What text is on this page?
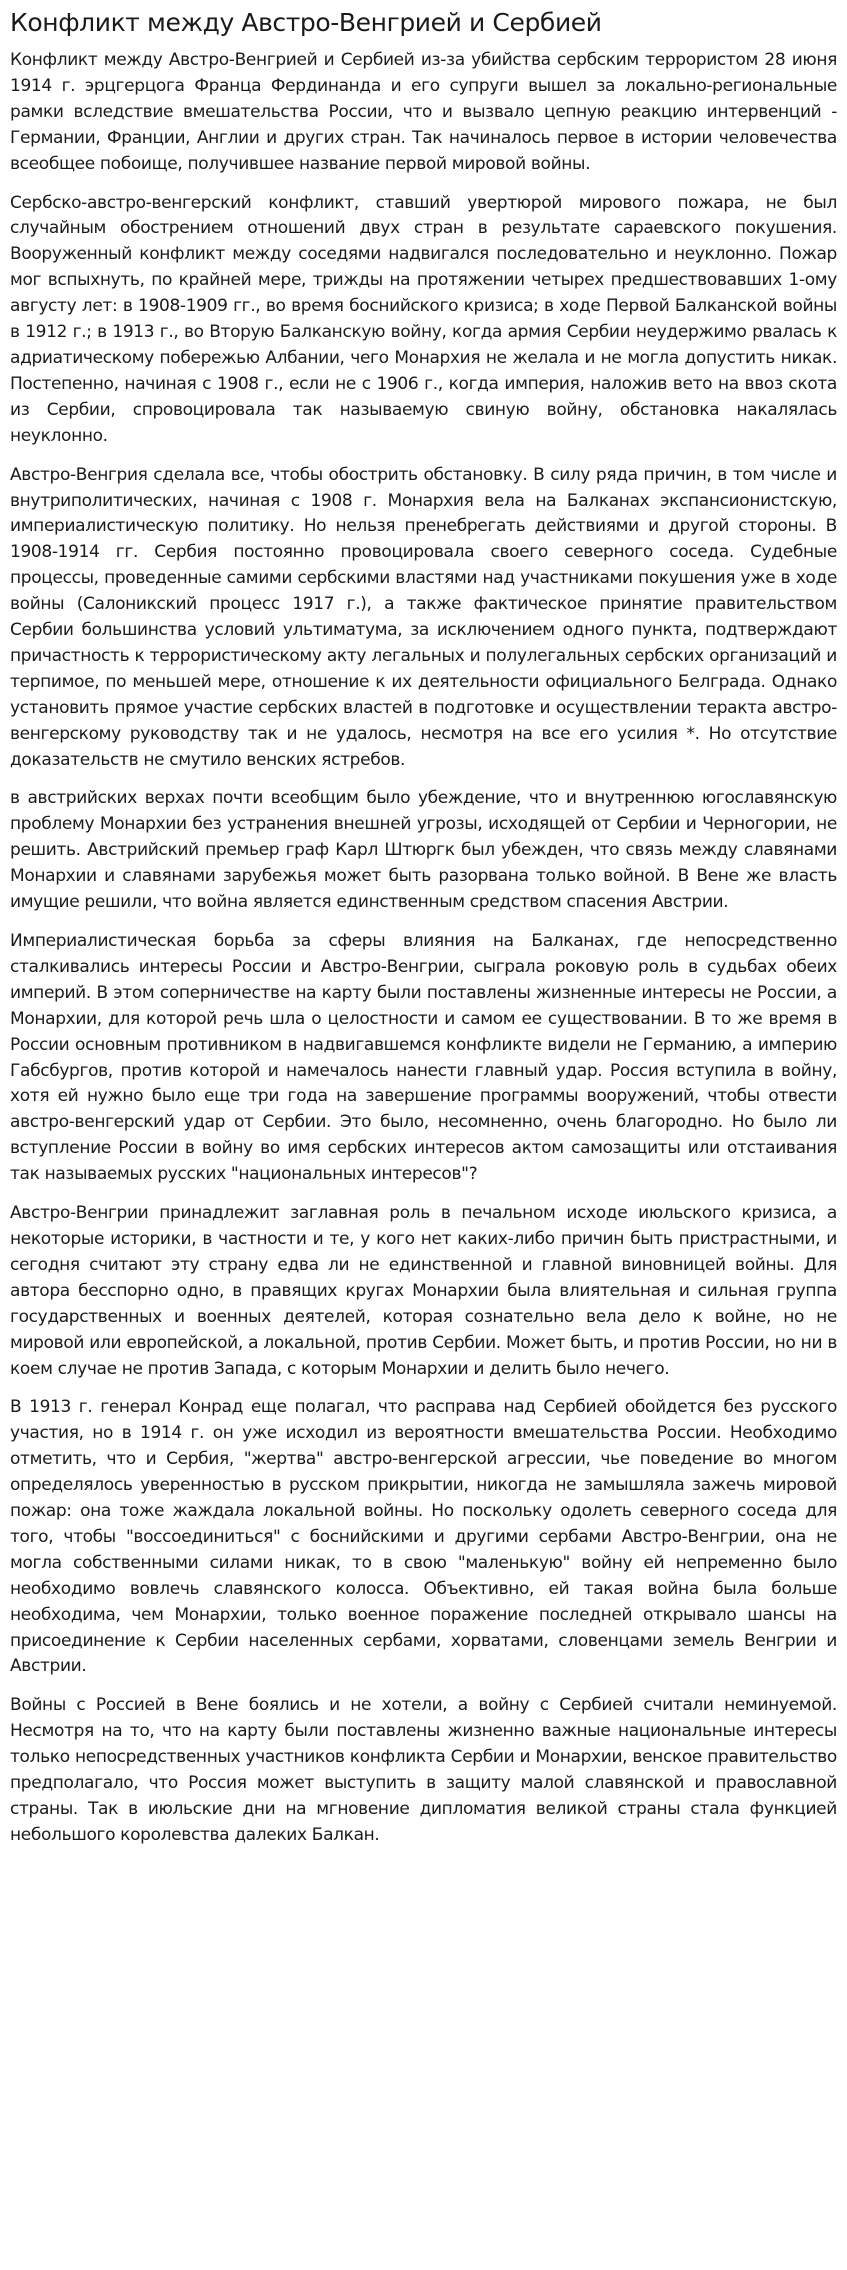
Конфликт между Австро-Венгрией и Сербией

Конфликт между Австро-Венгрией и Сербией из-за убийства сербским террористом 28 июня 1914 г. эрцгерцога Франца Фердинанда и его супруги вышел за локально-региональные рамки вследствие вмешательства России, что и вызвало цепную реакцию интервенций - Германии, Франции, Англии и других стран. Так начиналось первое в истории человечества всеобщее побоище, получившее название первой мировой войны.

Сербско-австро-венгерский конфликт, ставший увертюрой мирового пожара, не был случайным обострением отношений двух стран в результате сараевского покушения. Вооруженный конфликт между соседями надвигался последовательно и неуклонно. Пожар мог вспыхнуть, по крайней мере, трижды на протяжении четырех предшествовавших 1-ому августу лет: в 1908-1909 гг., во время боснийского кризиса; в ходе Первой Балканской войны в 1912 г.; в 1913 г., во Вторую Балканскую войну, когда армия Сербии неудержимо рвалась к адриатическому побережью Албании, чего Монархия не желала и не могла допустить никак. Постепенно, начиная с 1908 г., если не с 1906 г., когда империя, наложив вето на ввоз скота из Сербии, спровоцировала так называемую свиную войну, обстановка накалялась неуклонно.

Австро-Венгрия сделала все, чтобы обострить обстановку. В силу ряда причин, в том числе и внутриполитических, начиная с 1908 г. Монархия вела на Балканах экспансионистскую, империалистическую политику. Но нельзя пренебрегать действиями и другой стороны. В 1908-1914 гг. Сербия постоянно провоцировала своего северного соседа. Судебные процессы, проведенные самими сербскими властями над участниками покушения уже в ходе войны (Салоникский процесс 1917 г.), а также фактическое принятие правительством Сербии большинства условий ультиматума, за исключением одного пункта, подтверждают причастность к террористическому акту легальных и полулегальных сербских организаций и терпимое, по меньшей мере, отношение к их деятельности официального Белграда. Однако установить прямое участие сербских властей в подготовке и осуществлении теракта австро-венгерскому руководству так и не удалось, несмотря на все его усилия *. Но отсутствие доказательств не смутило венских ястребов.

в австрийских верхах почти всеобщим было убеждение, что и внутреннюю югославянскую проблему Монархии без устранения внешней угрозы, исходящей от Сербии и Черногории, не решить. Австрийский премьер граф Карл Штюргк был убежден, что связь между славянами Монархии и славянами зарубежья может быть разорвана только войной. В Вене же власть имущие решили, что война является единственным средством спасения Австрии.

Империалистическая борьба за сферы влияния на Балканах, где непосредственно сталкивались интересы России и Австро-Венгрии, сыграла роковую роль в судьбах обеих империй. В этом соперничестве на карту были поставлены жизненные интересы не России, а Монархии, для которой речь шла о целостности и самом ее существовании. В то же время в России основным противником в надвигавшемся конфликте видели не Германию, а империю Габсбургов, против которой и намечалось нанести главный удар. Россия вступила в войну, хотя ей нужно было еще три года на завершение программы вооружений, чтобы отвести австро-венгерский удар от Сербии. Это было, несомненно, очень благородно. Но было ли вступление России в войну во имя сербских интересов актом самозащиты или отстаивания так называемых русских "национальных интересов"?

Австро-Венгрии принадлежит заглавная роль в печальном исходе июльского кризиса, а некоторые историки, в частности и те, у кого нет каких-либо причин быть пристрастными, и сегодня считают эту страну едва ли не единственной и главной виновницей войны. Для автора бесспорно одно, в правящих кругах Монархии была влиятельная и сильная группа государственных и военных деятелей, которая сознательно вела дело к войне, но не мировой или европейской, а локальной, против Сербии. Может быть, и против России, но ни в коем случае не против Запада, с которым Монархии и делить было нечего.

В 1913 г. генерал Конрад еще полагал, что расправа над Сербией обойдется без русского участия, но в 1914 г. он уже исходил из вероятности вмешательства России. Необходимо отметить, что и Сербия, "жертва" австро-венгерской агрессии, чье поведение во многом определялось уверенностью в русском прикрытии, никогда не замышляла зажечь мировой пожар: она тоже жаждала локальной войны. Но поскольку одолеть северного соседа для того, чтобы "воссоединиться" с боснийскими и другими сербами Австро-Венгрии, она не могла собственными силами никак, то в свою "маленькую" войну ей непременно было необходимо вовлечь славянского колосса. Объективно, ей такая война была больше необходима, чем Монархии, только военное поражение последней открывало шансы на присоединение к Сербии населенных сербами, хорватами, словенцами земель Венгрии и Австрии.

Войны с Россией в Вене боялись и не хотели, а войну с Сербией считали неминуемой. Несмотря на то, что на карту были поставлены жизненно важные национальные интересы только непосредственных участников конфликта Сербии и Монархии, венское правительство предполагало, что Россия может выступить в защиту малой славянской и православной страны. Так в июльские дни на мгновение дипломатия великой страны стала функцией небольшого королевства далеких Балкан.
